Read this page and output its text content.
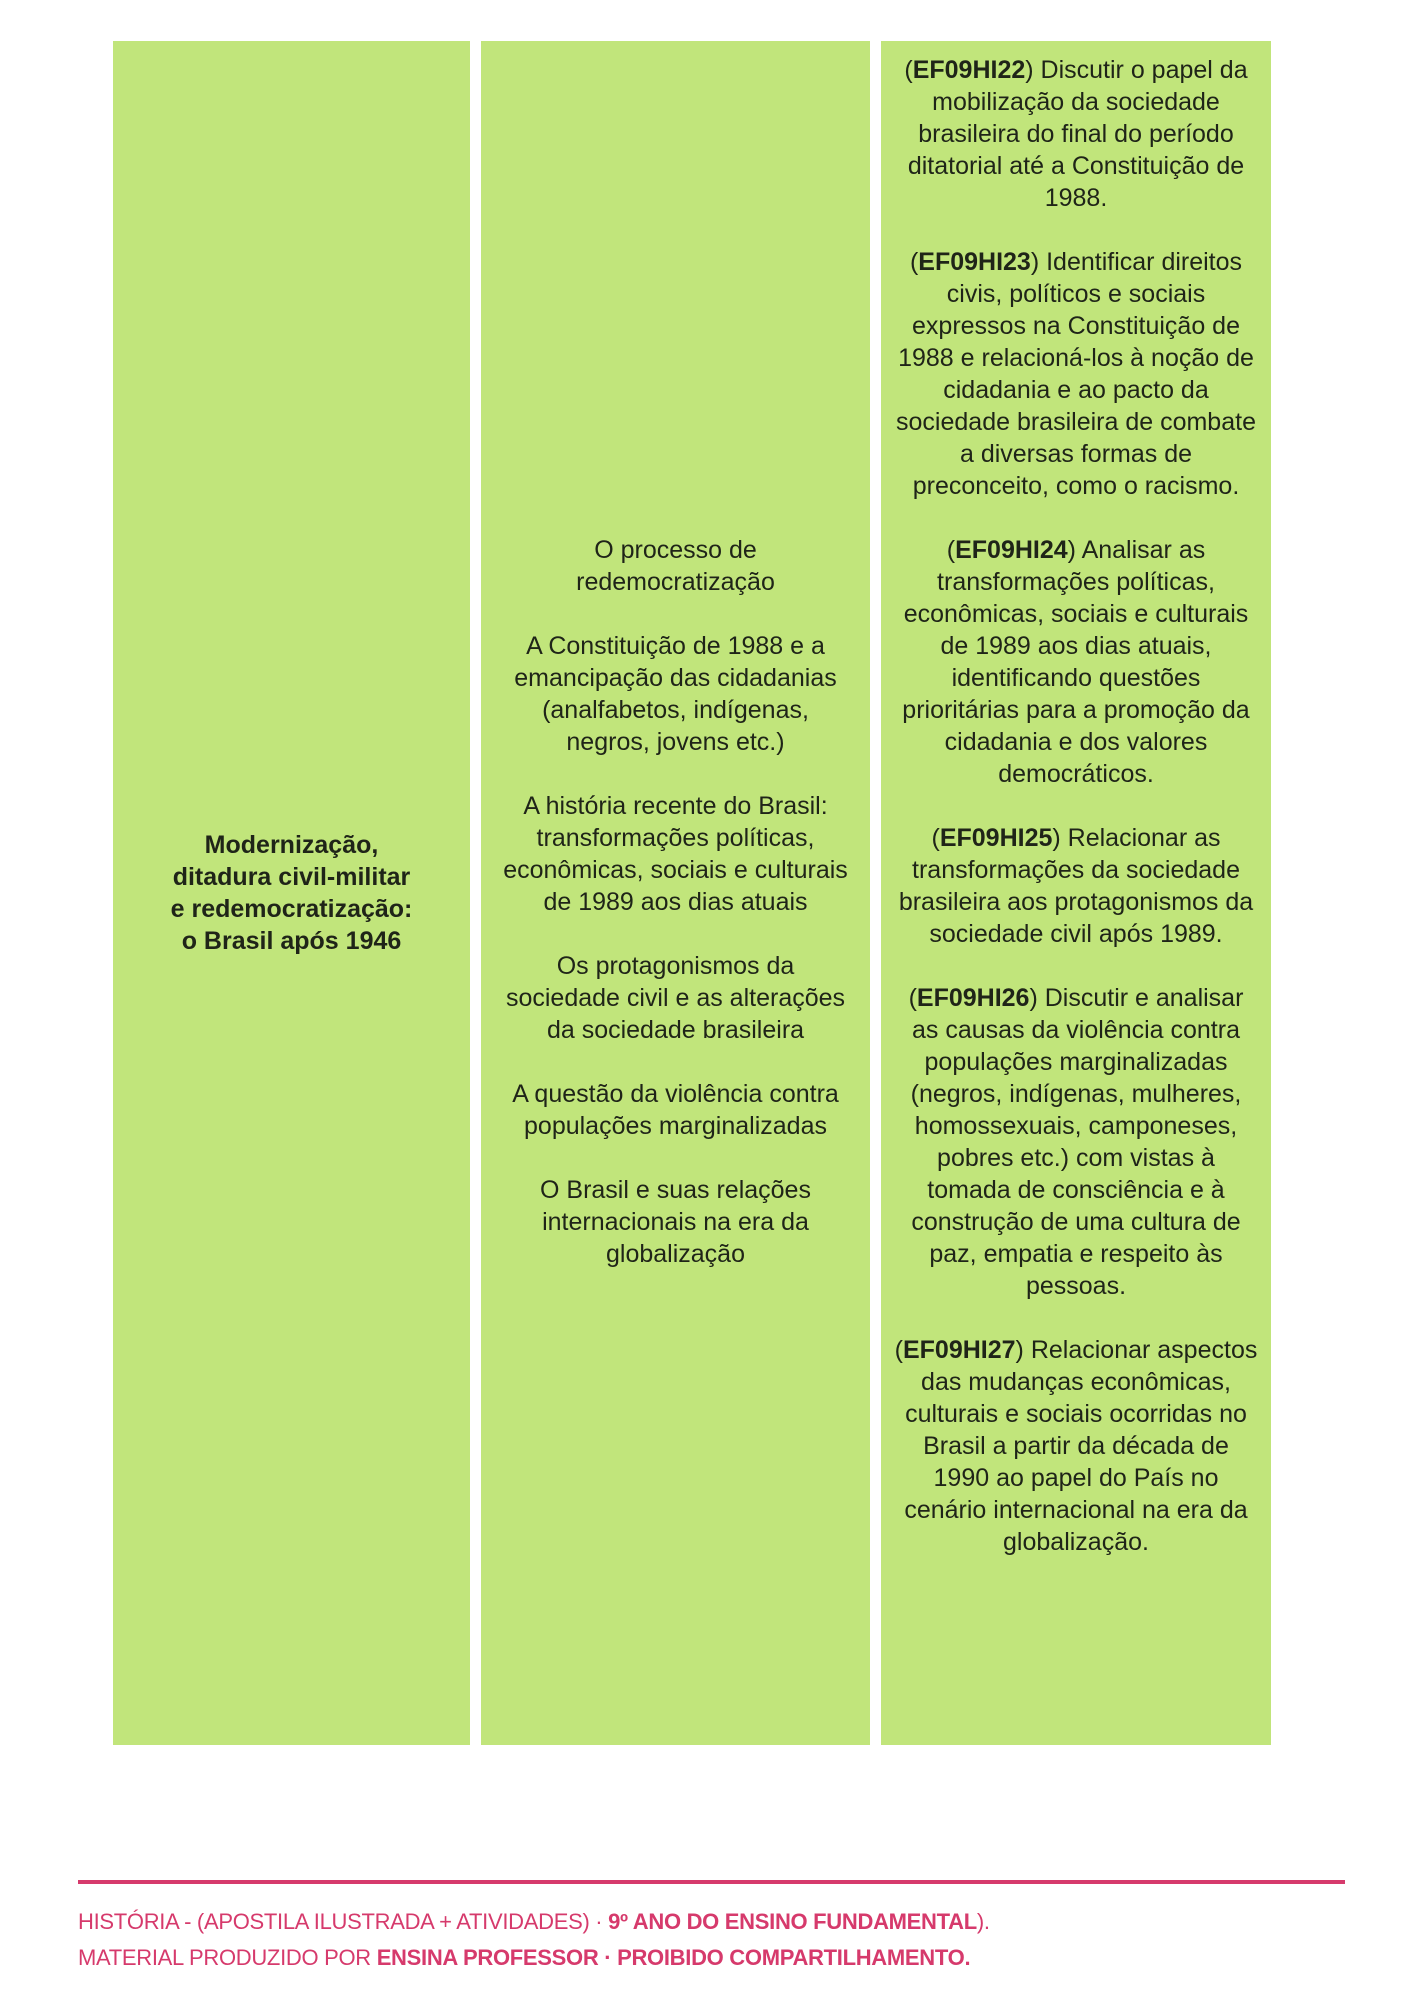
Modernização,
ditadura civil-militar
e redemocratização:
o Brasil após 1946
O processo de redemocratização
A Constituição de 1988 e a emancipação das cidadanias (analfabetos, indígenas, negros, jovens etc.)
A história recente do Brasil: transformações políticas, econômicas, sociais e culturais de 1989 aos dias atuais
Os protagonismos da sociedade civil e as alterações da sociedade brasileira
A questão da violência contra populações marginalizadas
O Brasil e suas relações internacionais na era da globalização
(EF09HI22) Discutir o papel da mobilização da sociedade brasileira do final do período ditatorial até a Constituição de 1988.
(EF09HI23) Identificar direitos civis, políticos e sociais expressos na Constituição de 1988 e relacioná-los à noção de cidadania e ao pacto da sociedade brasileira de combate a diversas formas de preconceito, como o racismo.
(EF09HI24) Analisar as transformações políticas, econômicas, sociais e culturais de 1989 aos dias atuais, identificando questões prioritárias para a promoção da cidadania e dos valores democráticos.
(EF09HI25) Relacionar as transformações da sociedade brasileira aos protagonismos da sociedade civil após 1989.
(EF09HI26) Discutir e analisar as causas da violência contra populações marginalizadas (negros, indígenas, mulheres, homossexuais, camponeses, pobres etc.) com vistas à tomada de consciência e à construção de uma cultura de paz, empatia e respeito às pessoas.
(EF09HI27) Relacionar aspectos das mudanças econômicas, culturais e sociais ocorridas no Brasil a partir da década de 1990 ao papel do País no cenário internacional na era da globalização.
HISTÓRIA - (APOSTILA ILUSTRADA + ATIVIDADES) · 9º ANO DO ENSINO FUNDAMENTAL).
MATERIAL PRODUZIDO POR ENSINA PROFESSOR · PROIBIDO COMPARTILHAMENTO.
